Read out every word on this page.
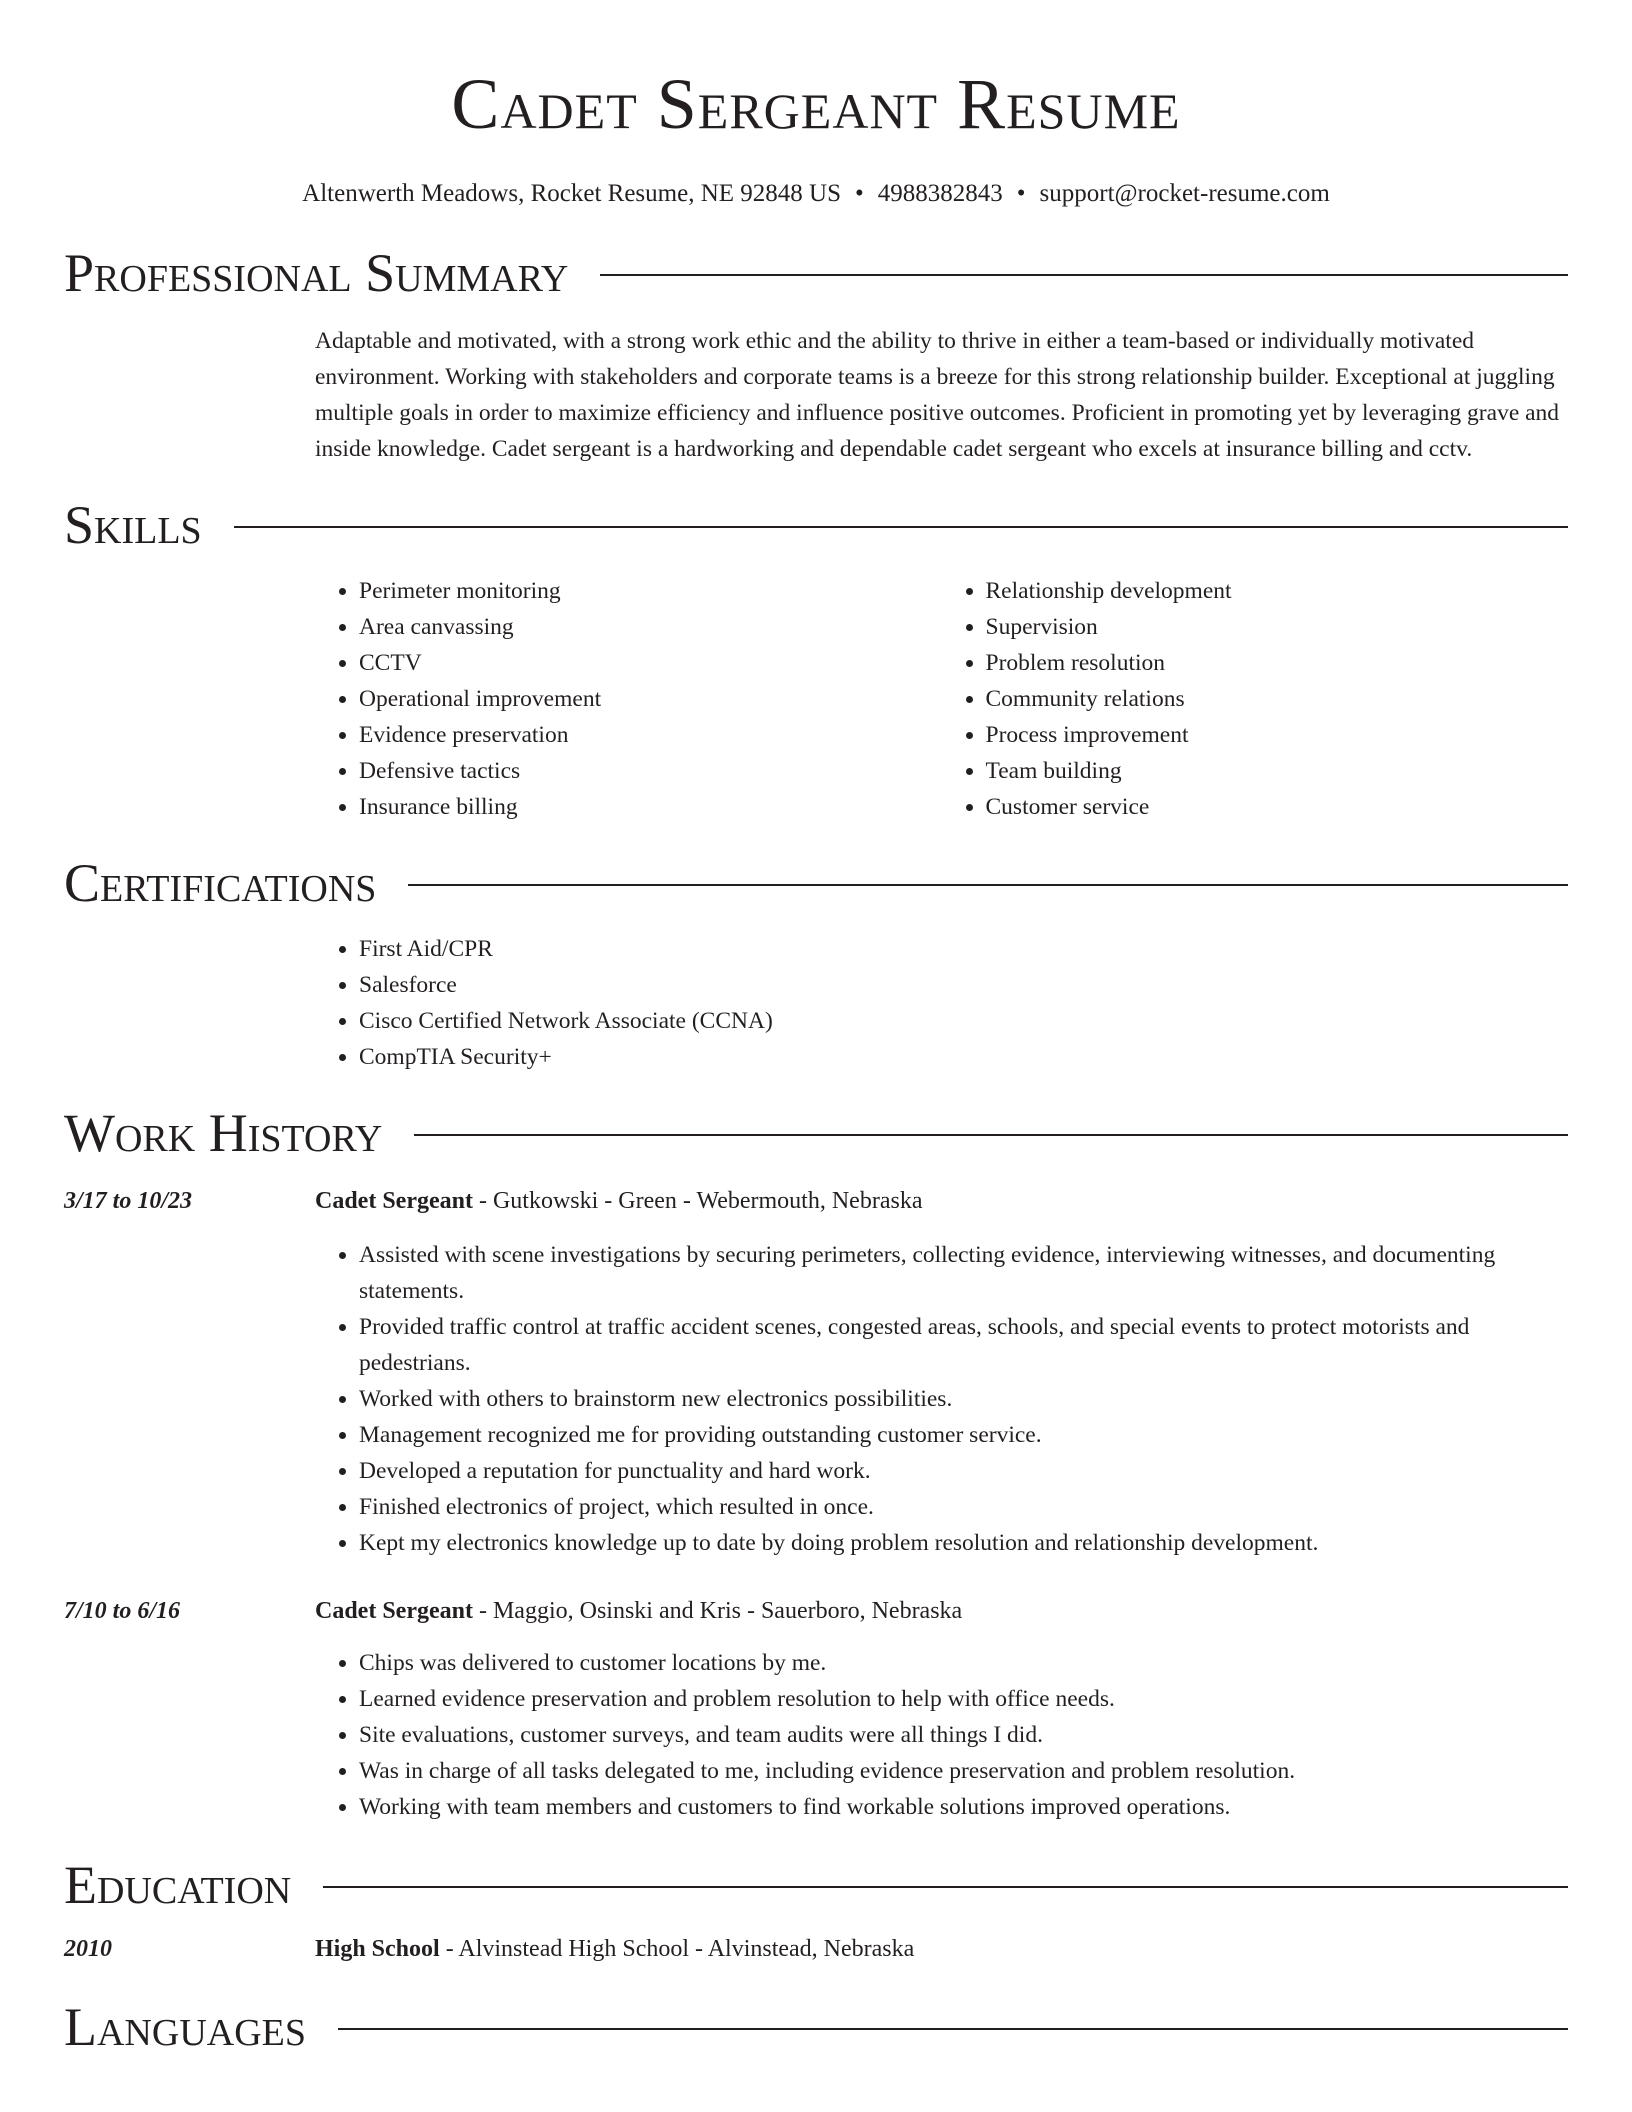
Cadet Sergeant Resume
Altenwerth Meadows, Rocket Resume, NE 92848 US • 4988382843 • support@rocket-resume.com
Professional Summary

Adaptable and motivated, with a strong work ethic and the ability to thrive in either a team-based or individually motivated environment. Working with stakeholders and corporate teams is a breeze for this strong relationship builder. Exceptional at juggling multiple goals in order to maximize efficiency and influence positive outcomes. Proficient in promoting yet by leveraging grave and inside knowledge. Cadet sergeant is a hardworking and dependable cadet sergeant who excels at insurance billing and cctv.

Skills
• Perimeter monitoring
• Area canvassing
• CCTV
• Operational improvement
• Evidence preservation
• Defensive tactics
• Insurance billing
• Relationship development
• Supervision
• Problem resolution
• Community relations
• Process improvement
• Team building
• Customer service
Certifications
• First Aid/CPR
• Salesforce
• Cisco Certified Network Associate (CCNA)
• CompTIA Security+
Work History
3/17 to 10/23	Cadet Sergeant - Gutkowski - Green - Webermouth, Nebraska
• Assisted with scene investigations by securing perimeters, collecting evidence, interviewing witnesses, and documenting statements.
• Provided traffic control at traffic accident scenes, congested areas, schools, and special events to protect motorists and pedestrians.
• Worked with others to brainstorm new electronics possibilities.
• Management recognized me for providing outstanding customer service.
• Developed a reputation for punctuality and hard work.
• Finished electronics of project, which resulted in once.
• Kept my electronics knowledge up to date by doing problem resolution and relationship development.
7/10 to 6/16	Cadet Sergeant - Maggio, Osinski and Kris - Sauerboro, Nebraska
• Chips was delivered to customer locations by me.
• Learned evidence preservation and problem resolution to help with office needs.
• Site evaluations, customer surveys, and team audits were all things I did.
• Was in charge of all tasks delegated to me, including evidence preservation and problem resolution.
• Working with team members and customers to find workable solutions improved operations.
Education
2010	High School - Alvinstead High School - Alvinstead, Nebraska
Languages
